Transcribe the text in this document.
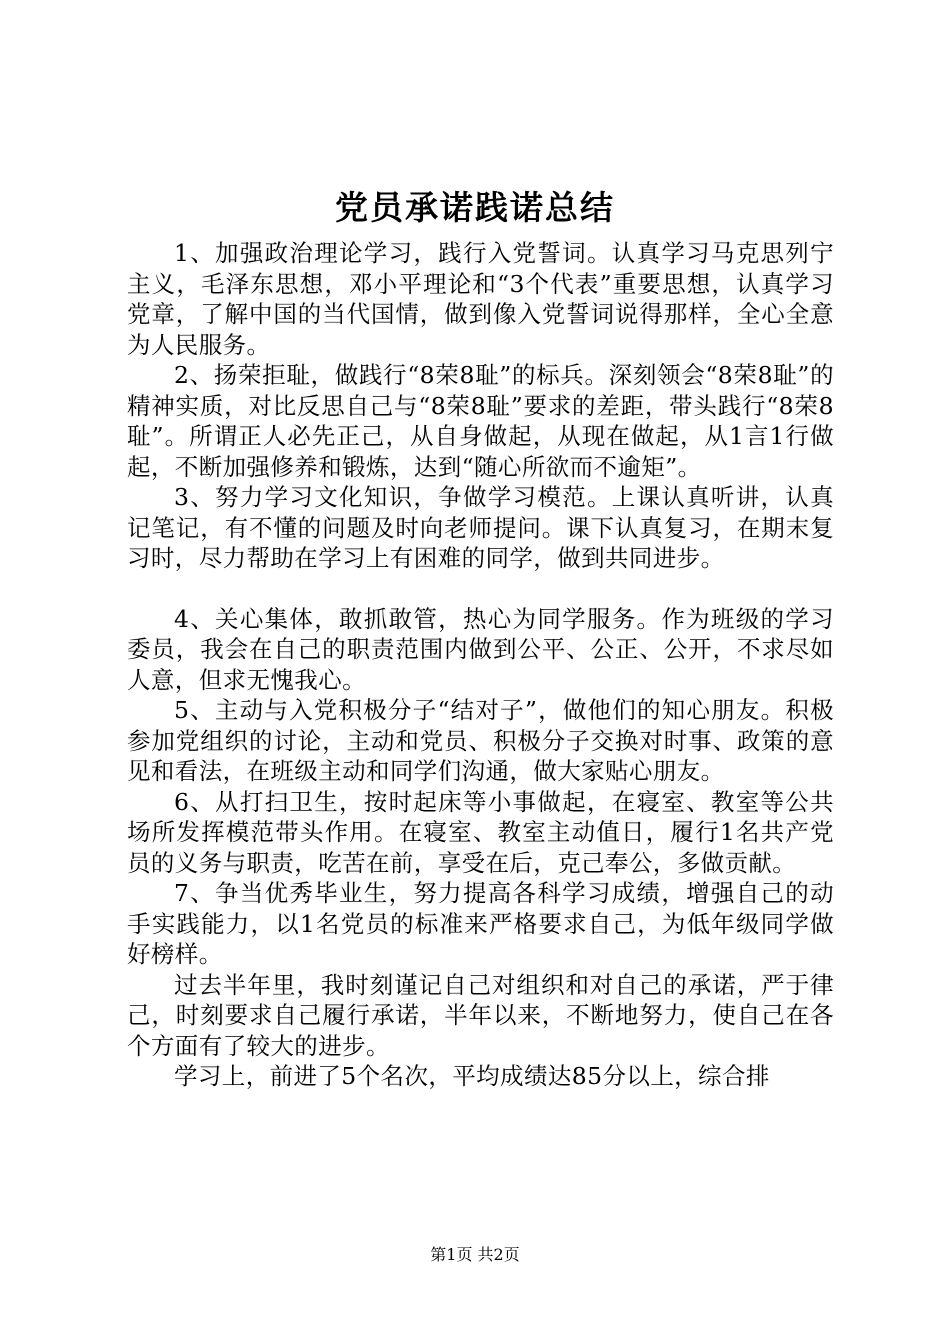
党员承诺践诺总结

1、加强政治理论学习，践行入党誓词。认真学习马克思列宁主义，毛泽东思想，邓小平理论和“3个代表”重要思想，认真学习党章，了解中国的当代国情，做到像入党誓词说得那样，全心全意为人民服务。

2、扬荣拒耻，做践行“8荣8耻”的标兵。深刻领会“8荣8耻”的精神实质，对比反思自己与“8荣8耻”要求的差距，带头践行“8荣8耻”。所谓正人必先正己，从自身做起，从现在做起，从1言1行做起，不断加强修养和锻炼，达到“随心所欲而不逾矩”。

3、努力学习文化知识，争做学习模范。上课认真听讲，认真记笔记，有不懂的问题及时向老师提问。课下认真复习，在期末复习时，尽力帮助在学习上有困难的同学，做到共同进步。

4、关心集体，敢抓敢管，热心为同学服务。作为班级的学习委员，我会在自己的职责范围内做到公平、公正、公开，不求尽如人意，但求无愧我心。

5、主动与入党积极分子“结对子”，做他们的知心朋友。积极参加党组织的讨论，主动和党员、积极分子交换对时事、政策的意见和看法，在班级主动和同学们沟通，做大家贴心朋友。

6、从打扫卫生，按时起床等小事做起，在寝室、教室等公共场所发挥模范带头作用。在寝室、教室主动值日，履行1名共产党员的义务与职责，吃苦在前，享受在后，克己奉公，多做贡献。

7、争当优秀毕业生，努力提高各科学习成绩，增强自己的动手实践能力，以1名党员的标准来严格要求自己，为低年级同学做好榜样。

过去半年里，我时刻谨记自己对组织和对自己的承诺，严于律己，时刻要求自己履行承诺，半年以来，不断地努力，使自己在各个方面有了较大的进步。

学习上，前进了5个名次，平均成绩达85分以上，综合排

第1页 共2页
